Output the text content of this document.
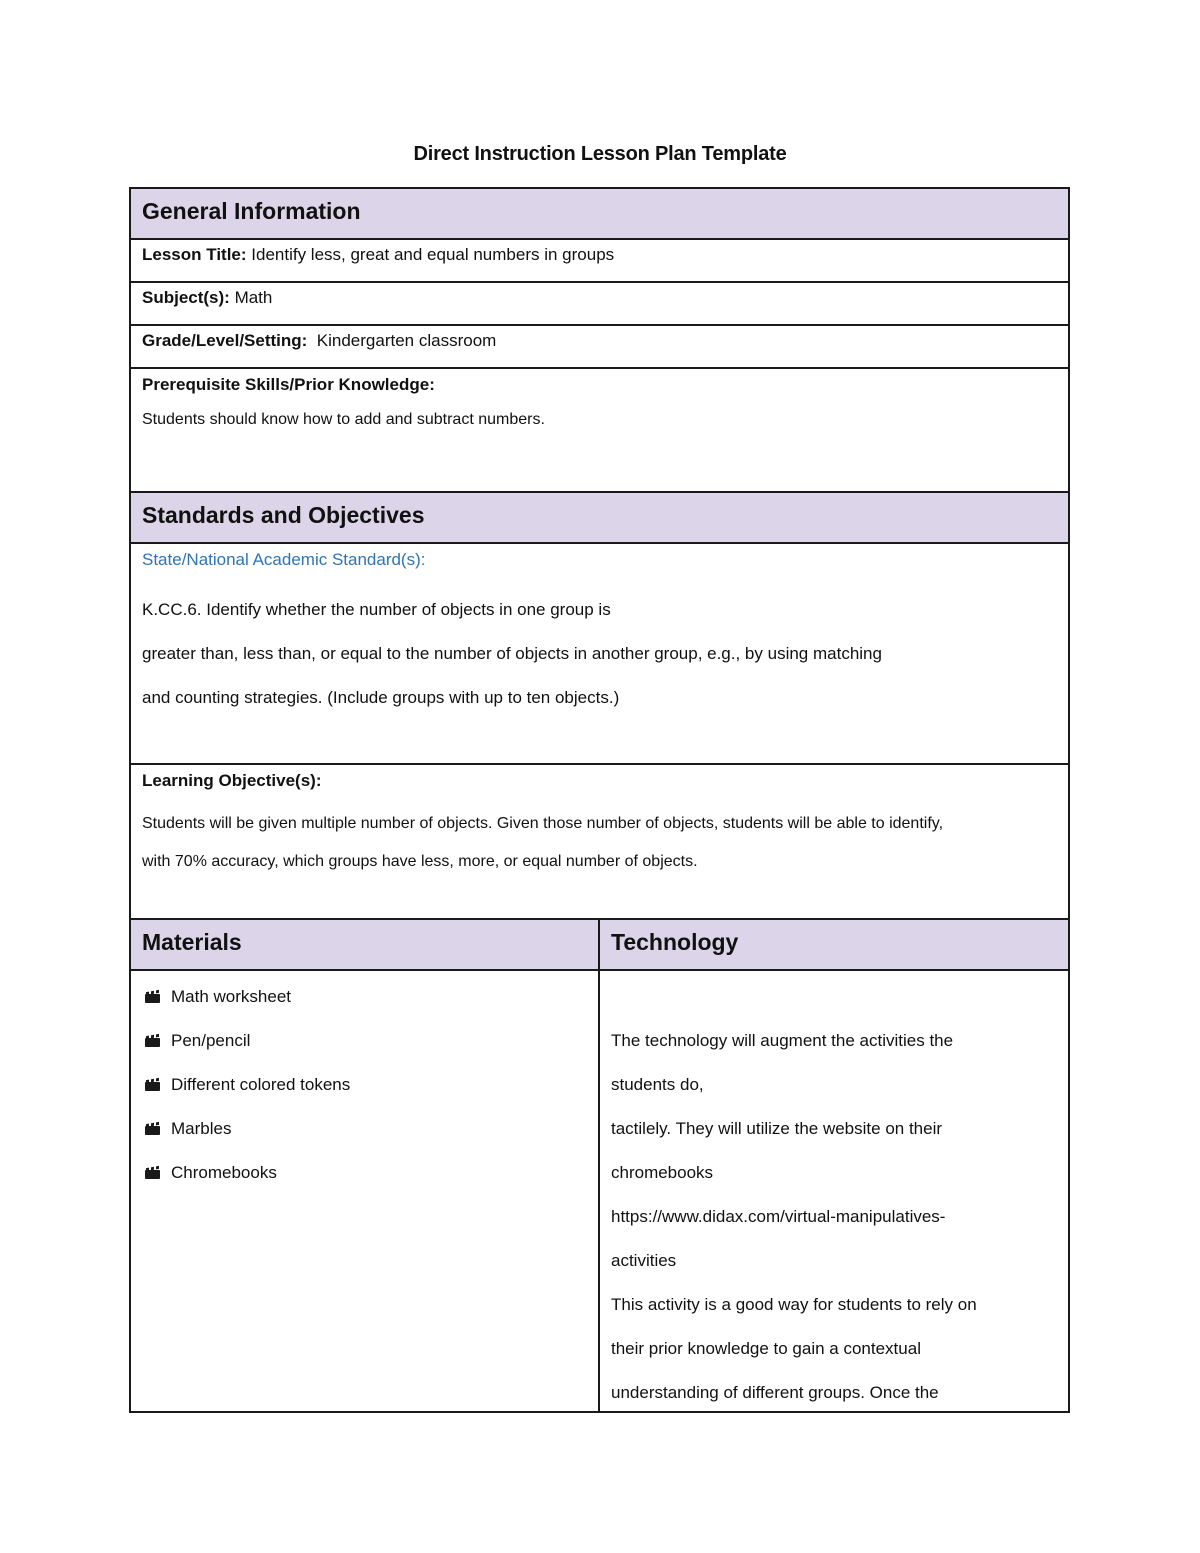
Direct Instruction Lesson Plan Template
General Information
Lesson Title: Identify less, great and equal numbers in groups
Subject(s): Math
Grade/Level/Setting:  Kindergarten classroom
Prerequisite Skills/Prior Knowledge:
Students should know how to add and subtract numbers.
Standards and Objectives
State/National Academic Standard(s):
K.CC.6. Identify whether the number of objects in one group is
greater than, less than, or equal to the number of objects in another group, e.g., by using matching
and counting strategies. (Include groups with up to ten objects.)
Learning Objective(s):
Students will be given multiple number of objects. Given those number of objects, students will be able to identify,
with 70% accuracy, which groups have less, more, or equal number of objects.
Materials	Technology
Math worksheet
Pen/pencil
Different colored tokens
Marbles
Chromebooks

The technology will augment the activities the

students do,

tactilely. They will utilize the website on their

chromebooks

https://www.didax.com/virtual-manipulatives-

activities

This activity is a good way for students to rely on

their prior knowledge to gain a contextual

understanding of different groups. Once the
